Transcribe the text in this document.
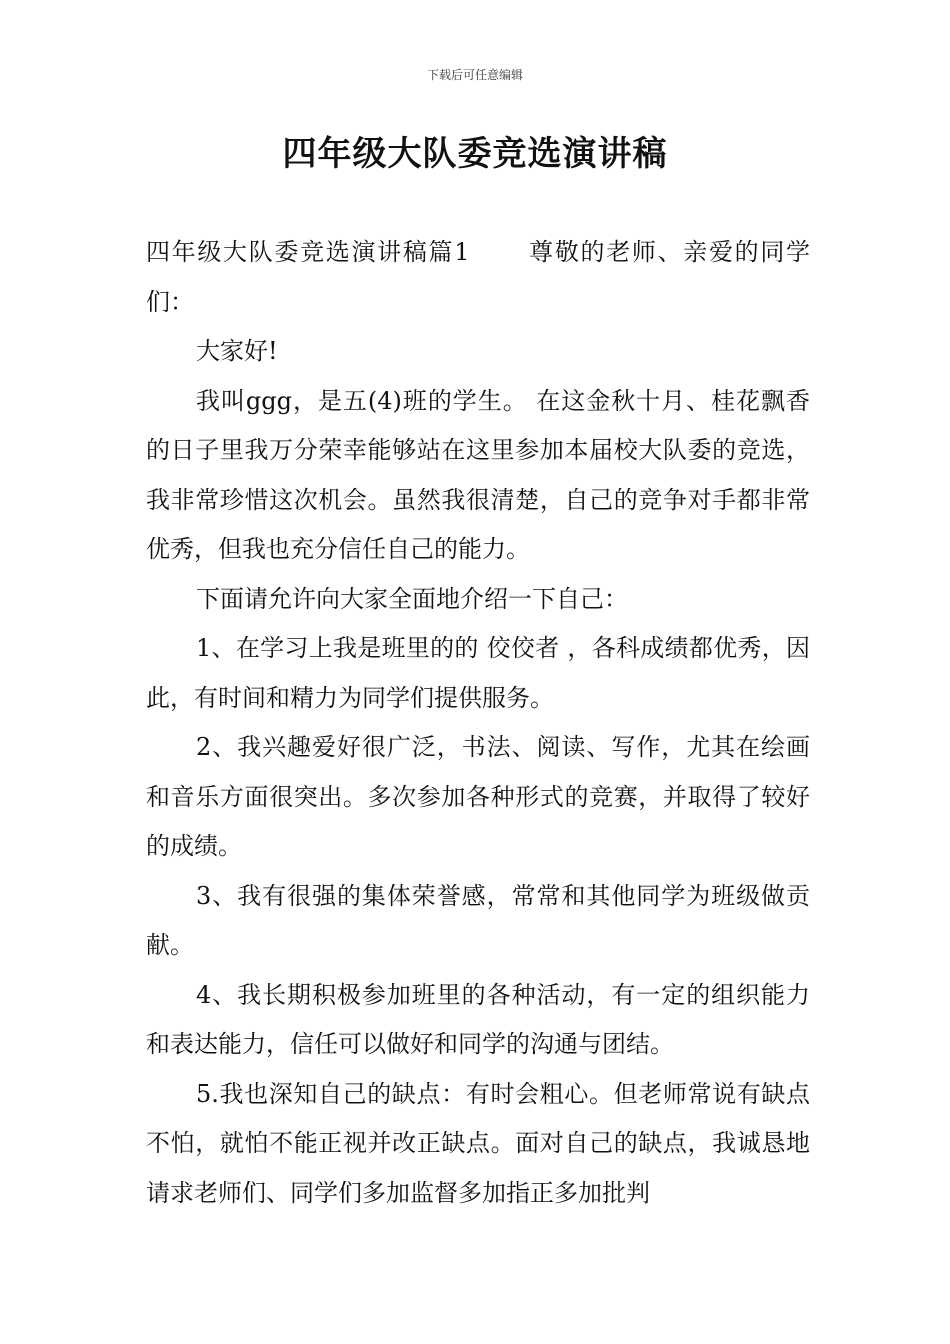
下载后可任意编辑
四年级大队委竞选演讲稿

四年级大队委竞选演讲稿篇1 尊敬的老师、亲爱的同学们：

大家好!

我叫ggg，是五(4)班的学生。 在这金秋十月、桂花飘香 的日子里我万分荣幸能够站在这里参加本届校大队委的竞选，我非常珍惜这次机会。虽然我很清楚，自己的竞争对手都非常优秀，但我也充分信任自己的能力。

下面请允许向大家全面地介绍一下自己：

1、在学习上我是班里的的 佼佼者 ，各科成绩都优秀，因此，有时间和精力为同学们提供服务。

2、我兴趣爱好很广泛，书法、阅读、写作，尤其在绘画和音乐方面很突出。多次参加各种形式的竞赛，并取得了较好的成绩。

3、我有很强的集体荣誉感，常常和其他同学为班级做贡献。

4、我长期积极参加班里的各种活动，有一定的组织能力和表达能力，信任可以做好和同学的沟通与团结。

5.我也深知自己的缺点：有时会粗心。但老师常说有缺点不怕，就怕不能正视并改正缺点。面对自己的缺点，我诚恳地请求老师们、同学们多加监督多加指正多加批判
